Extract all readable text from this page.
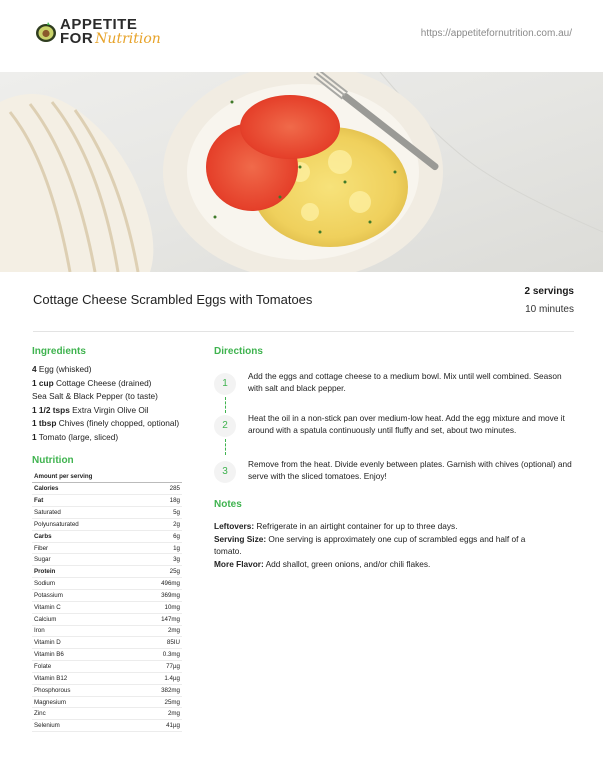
APPETITE
FOR Nutrition	https://appetitefornutrition.com.au/
Cottage Cheese Scrambled Eggs with Tomatoes
2 servings
10 minutes
Ingredients
4 Egg (whisked)
1 cup Cottage Cheese (drained)
Sea Salt & Black Pepper (to taste)
1 1/2 tsps Extra Virgin Olive Oil
1 tbsp Chives (finely chopped, optional)
1 Tomato (large, sliced)
Nutrition
Amount per serving	
Calories	285
Fat	18g
Saturated	5g
Polyunsaturated	2g
Carbs	6g
Fiber	1g
Sugar	3g
Protein	25g
Sodium	496mg
Potassium	369mg
Vitamin C	10mg
Calcium	147mg
Iron	2mg
Vitamin D	85IU
Vitamin B6	0.3mg
Folate	77µg
Vitamin B12	1.4µg
Phosphorous	382mg
Magnesium	25mg
Zinc	2mg
Selenium	41µg
Directions
1
Add the eggs and cottage cheese to a medium bowl. Mix until well combined. Season with salt and black pepper.
2
Heat the oil in a non-stick pan over medium-low heat. Add the egg mixture and move it around with a spatula continuously until fluffy and set, about two minutes.
3
Remove from the heat. Divide evenly between plates. Garnish with chives (optional) and serve with the sliced tomatoes. Enjoy!
Notes
Leftovers: Refrigerate in an airtight container for up to three days.
Serving Size: One serving is approximately one cup of scrambled eggs and half of a tomato.
More Flavor: Add shallot, green onions, and/or chili flakes.
